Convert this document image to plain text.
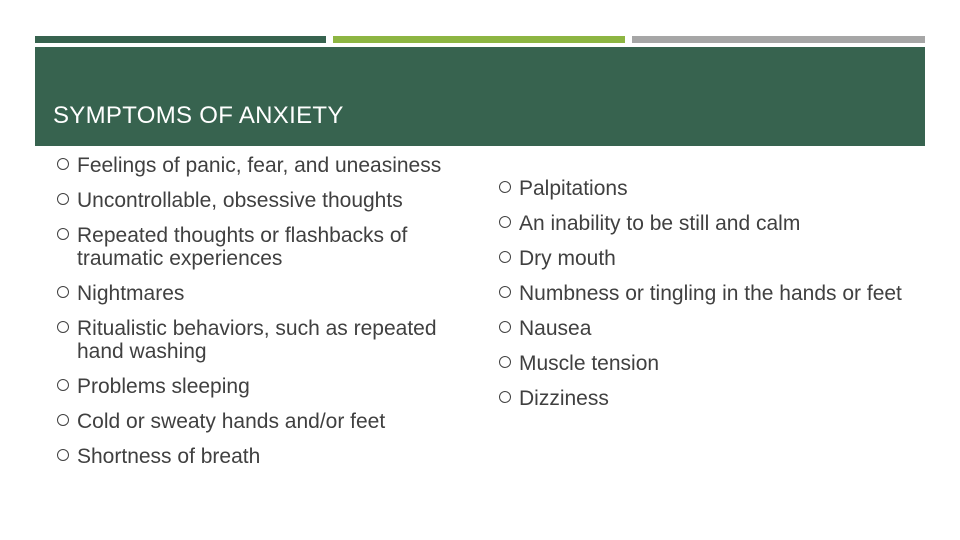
SYMPTOMS OF ANXIETY
Feelings of panic, fear, and uneasiness
Uncontrollable, obsessive thoughts
Repeated thoughts or flashbacks of traumatic experiences
Nightmares
Ritualistic behaviors, such as repeated hand washing
Problems sleeping
Cold or sweaty hands and/or feet
Shortness of breath
Palpitations
An inability to be still and calm
Dry mouth
Numbness or tingling in the hands or feet
Nausea
Muscle tension
Dizziness
